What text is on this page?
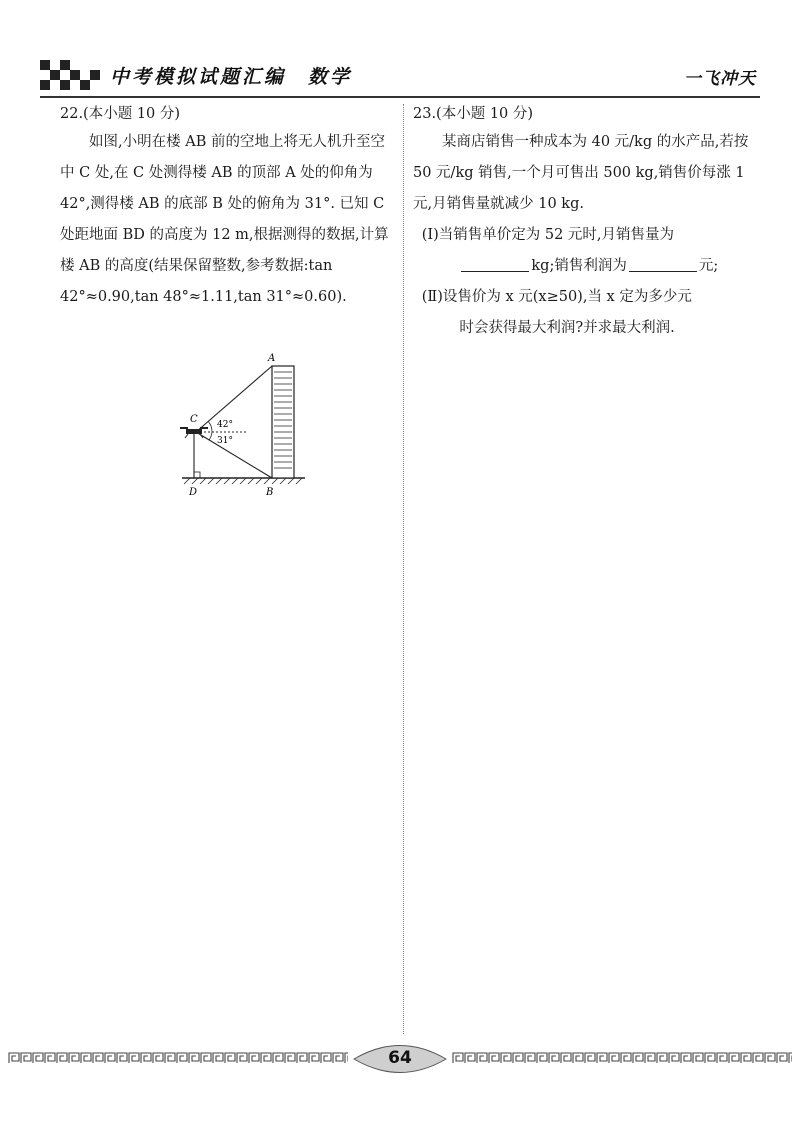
中考模拟试题汇编　数学	一飞冲天
22.(本小题 10 分)
如图,小明在楼 AB 前的空地上将无人机升至空中 C 处,在 C 处测得楼 AB 的顶部 A 处的仰角为 42°,测得楼 AB 的底部 B 处的俯角为 31°. 已知 C 处距地面 BD 的高度为 12 m,根据测得的数据,计算楼 AB 的高度(结果保留整数,参考数据:tan 42°≈0.90,tan 48°≈1.11,tan 31°≈0.60).
A
B
C
D
42°
31°
23.(本小题 10 分)
某商店销售一种成本为 40 元/kg 的水产品,若按 50 元/kg 销售,一个月可售出 500 kg,销售价每涨 1 元,月销售量就减少 10 kg.
(Ⅰ)当销售单价定为 52 元时,月销售量为
kg;销售利润为	元;
(Ⅱ)设售价为 x 元(x≥50),当 x 定为多少元
时会获得最大利润?并求最大利润.
64
